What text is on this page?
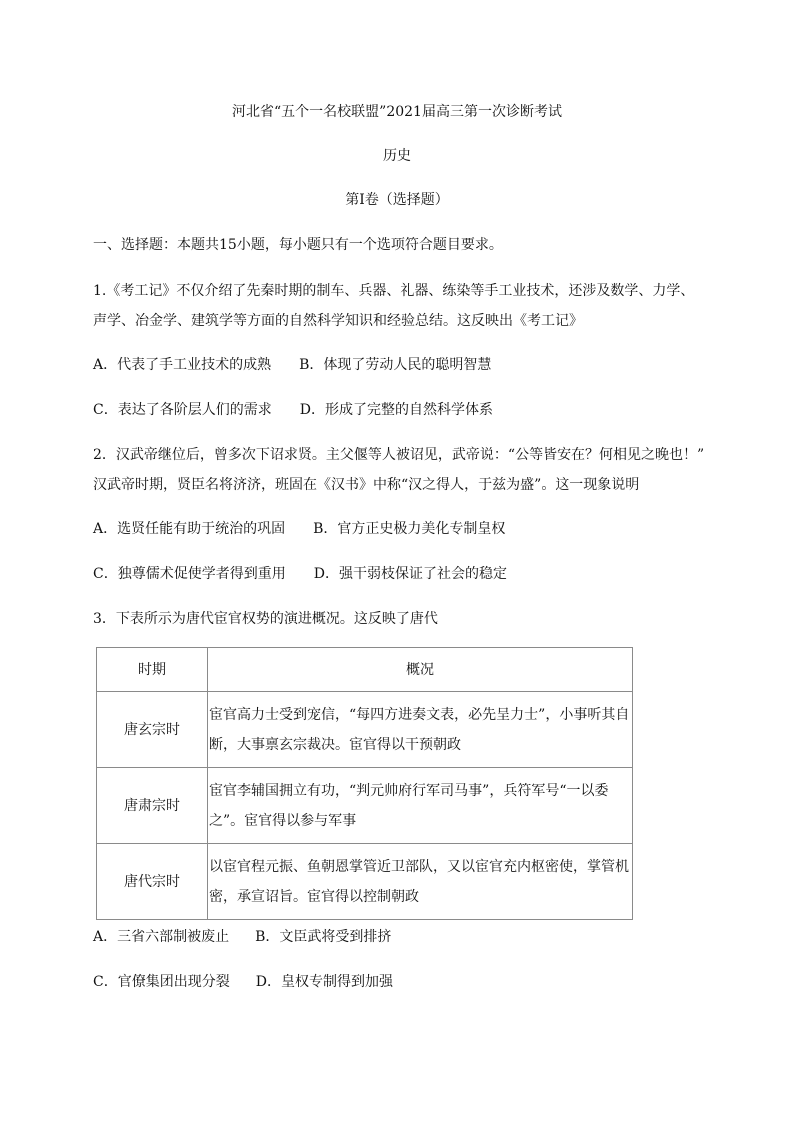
河北省“五个一名校联盟”2021届高三第一次诊断考试
历史
第Ⅰ卷（选择题）
一、选择题：本题共15小题，每小题只有一个选项符合题目要求。
1.《考工记》不仅介绍了先秦时期的制车、兵器、礼器、练染等手工业技术，还涉及数学、力学、
声学、冶金学、建筑学等方面的自然科学知识和经验总结。这反映出《考工记》
A．代表了手工业技术的成熟 B．体现了劳动人民的聪明智慧
C．表达了各阶层人们的需求 D．形成了完整的自然科学体系
2．汉武帝继位后，曾多次下诏求贤。主父偃等人被诏见，武帝说：“公等皆安在？何相见之晚也！”
汉武帝时期，贤臣名将济济，班固在《汉书》中称“汉之得人，于兹为盛”。这一现象说明
A．选贤任能有助于统治的巩固 B．官方正史极力美化专制皇权
C．独尊儒术促使学者得到重用 D．强干弱枝保证了社会的稳定
3．下表所示为唐代宦官权势的演进概况。这反映了唐代
时期	概况
唐玄宗时	宦官高力士受到宠信，“每四方进奏文表，必先呈力士”，小事听其自断，大事禀玄宗裁决。宦官得以干预朝政
唐肃宗时	宦官李辅国拥立有功，“判元帅府行军司马事”，兵符军号“一以委之”。宦官得以参与军事
唐代宗时	以宦官程元振、鱼朝恩掌管近卫部队，又以宦官充内枢密使，掌管机密，承宣诏旨。宦官得以控制朝政
A．三省六部制被废止 B．文臣武将受到排挤
C．官僚集团出现分裂 D．皇权专制得到加强
